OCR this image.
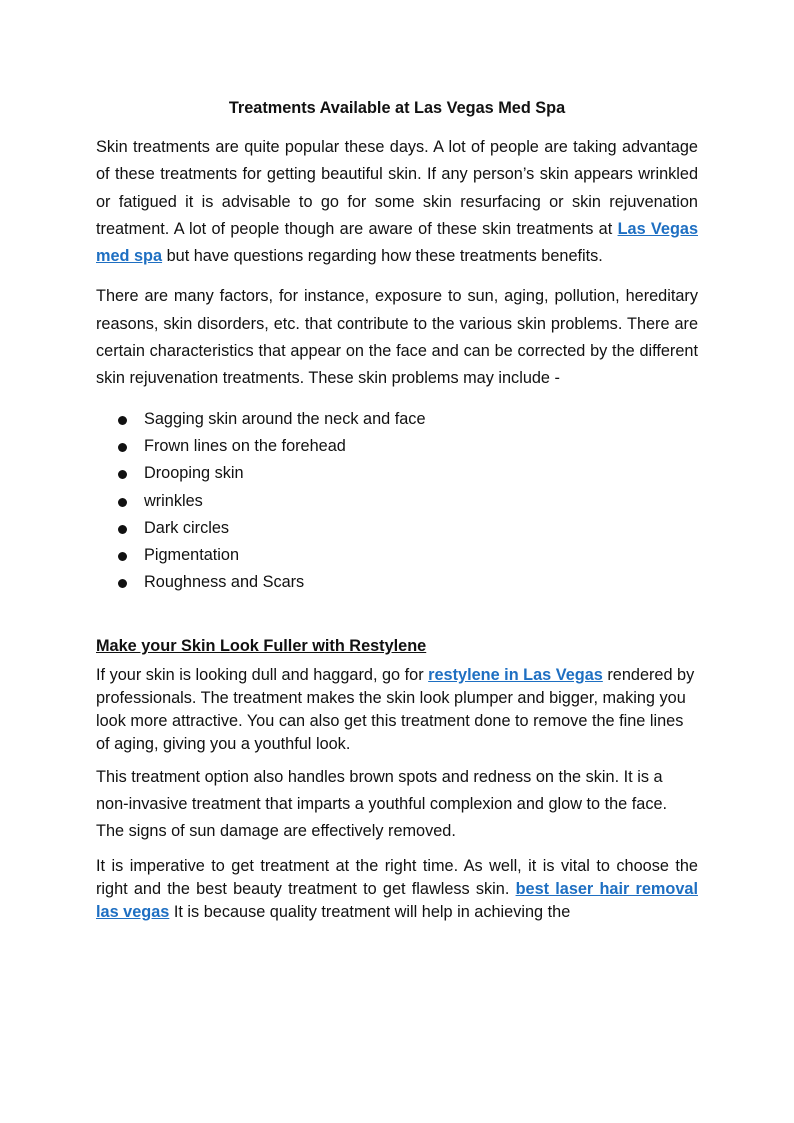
Treatments Available at Las Vegas Med Spa

Skin treatments are quite popular these days. A lot of people are taking advantage of these treatments for getting beautiful skin. If any person’s skin appears wrinkled or fatigued it is advisable to go for some skin resurfacing or skin rejuvenation treatment. A lot of people though are aware of these skin treatments at Las Vegas med spa but have questions regarding how these treatments benefits.

There are many factors, for instance, exposure to sun, aging, pollution, hereditary reasons, skin disorders, etc. that contribute to the various skin problems. There are certain characteristics that appear on the face and can be corrected by the different skin rejuvenation treatments. These skin problems may include -

Sagging skin around the neck and face
Frown lines on the forehead
Drooping skin
wrinkles
Dark circles
Pigmentation
Roughness and Scars
Make your Skin Look Fuller with Restylene

If your skin is looking dull and haggard, go for restylene in Las Vegas rendered by professionals. The treatment makes the skin look plumper and bigger, making you look more attractive. You can also get this treatment done to remove the fine lines of aging, giving you a youthful look.

This treatment option also handles brown spots and redness on the skin. It is a non-invasive treatment that imparts a youthful complexion and glow to the face. The signs of sun damage are effectively removed.

It is imperative to get treatment at the right time. As well, it is vital to choose the right and the best beauty treatment to get flawless skin. best laser hair removal las vegas It is because quality treatment will help in achieving the
